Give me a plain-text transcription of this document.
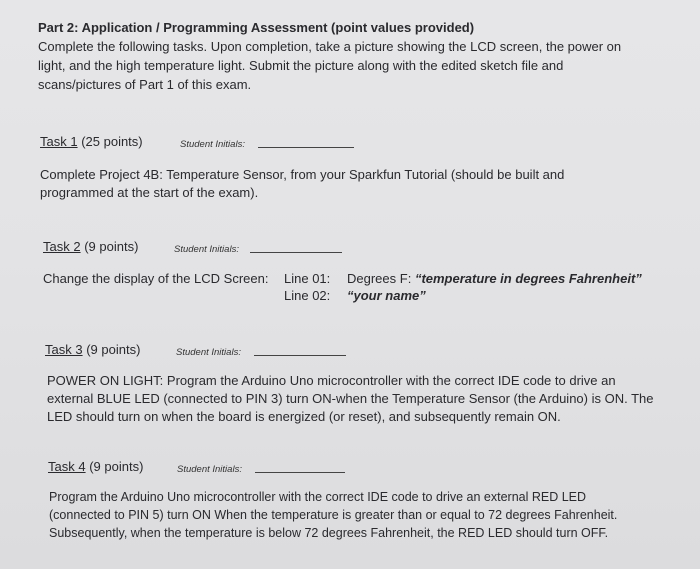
Part 2: Application / Programming Assessment (point values provided)
Complete the following tasks. Upon completion, take a picture showing the LCD screen, the power on
light, and the high temperature light. Submit the picture along with the edited sketch file and
scans/pictures of Part 1 of this exam.
Task 1 (25 points)	Student Initials:
Complete Project 4B: Temperature Sensor, from your Sparkfun Tutorial (should be built and
programmed at the start of the exam).
Task 2 (9 points)	Student Initials:
Change the display of the LCD Screen: Line 01: Degrees F: “temperature in degrees Fahrenheit”
Line 02: “your name”
Task 3 (9 points)	Student Initials:
POWER ON LIGHT: Program the Arduino Uno microcontroller with the correct IDE code to drive an
external BLUE LED (connected to PIN 3) turn ON-when the Temperature Sensor (the Arduino) is ON. The
LED should turn on when the board is energized (or reset), and subsequently remain ON.
Task 4 (9 points)	Student Initials:
Program the Arduino Uno microcontroller with the correct IDE code to drive an external RED LED
(connected to PIN 5) turn ON When the temperature is greater than or equal to 72 degrees Fahrenheit.
Subsequently, when the temperature is below 72 degrees Fahrenheit, the RED LED should turn OFF.
